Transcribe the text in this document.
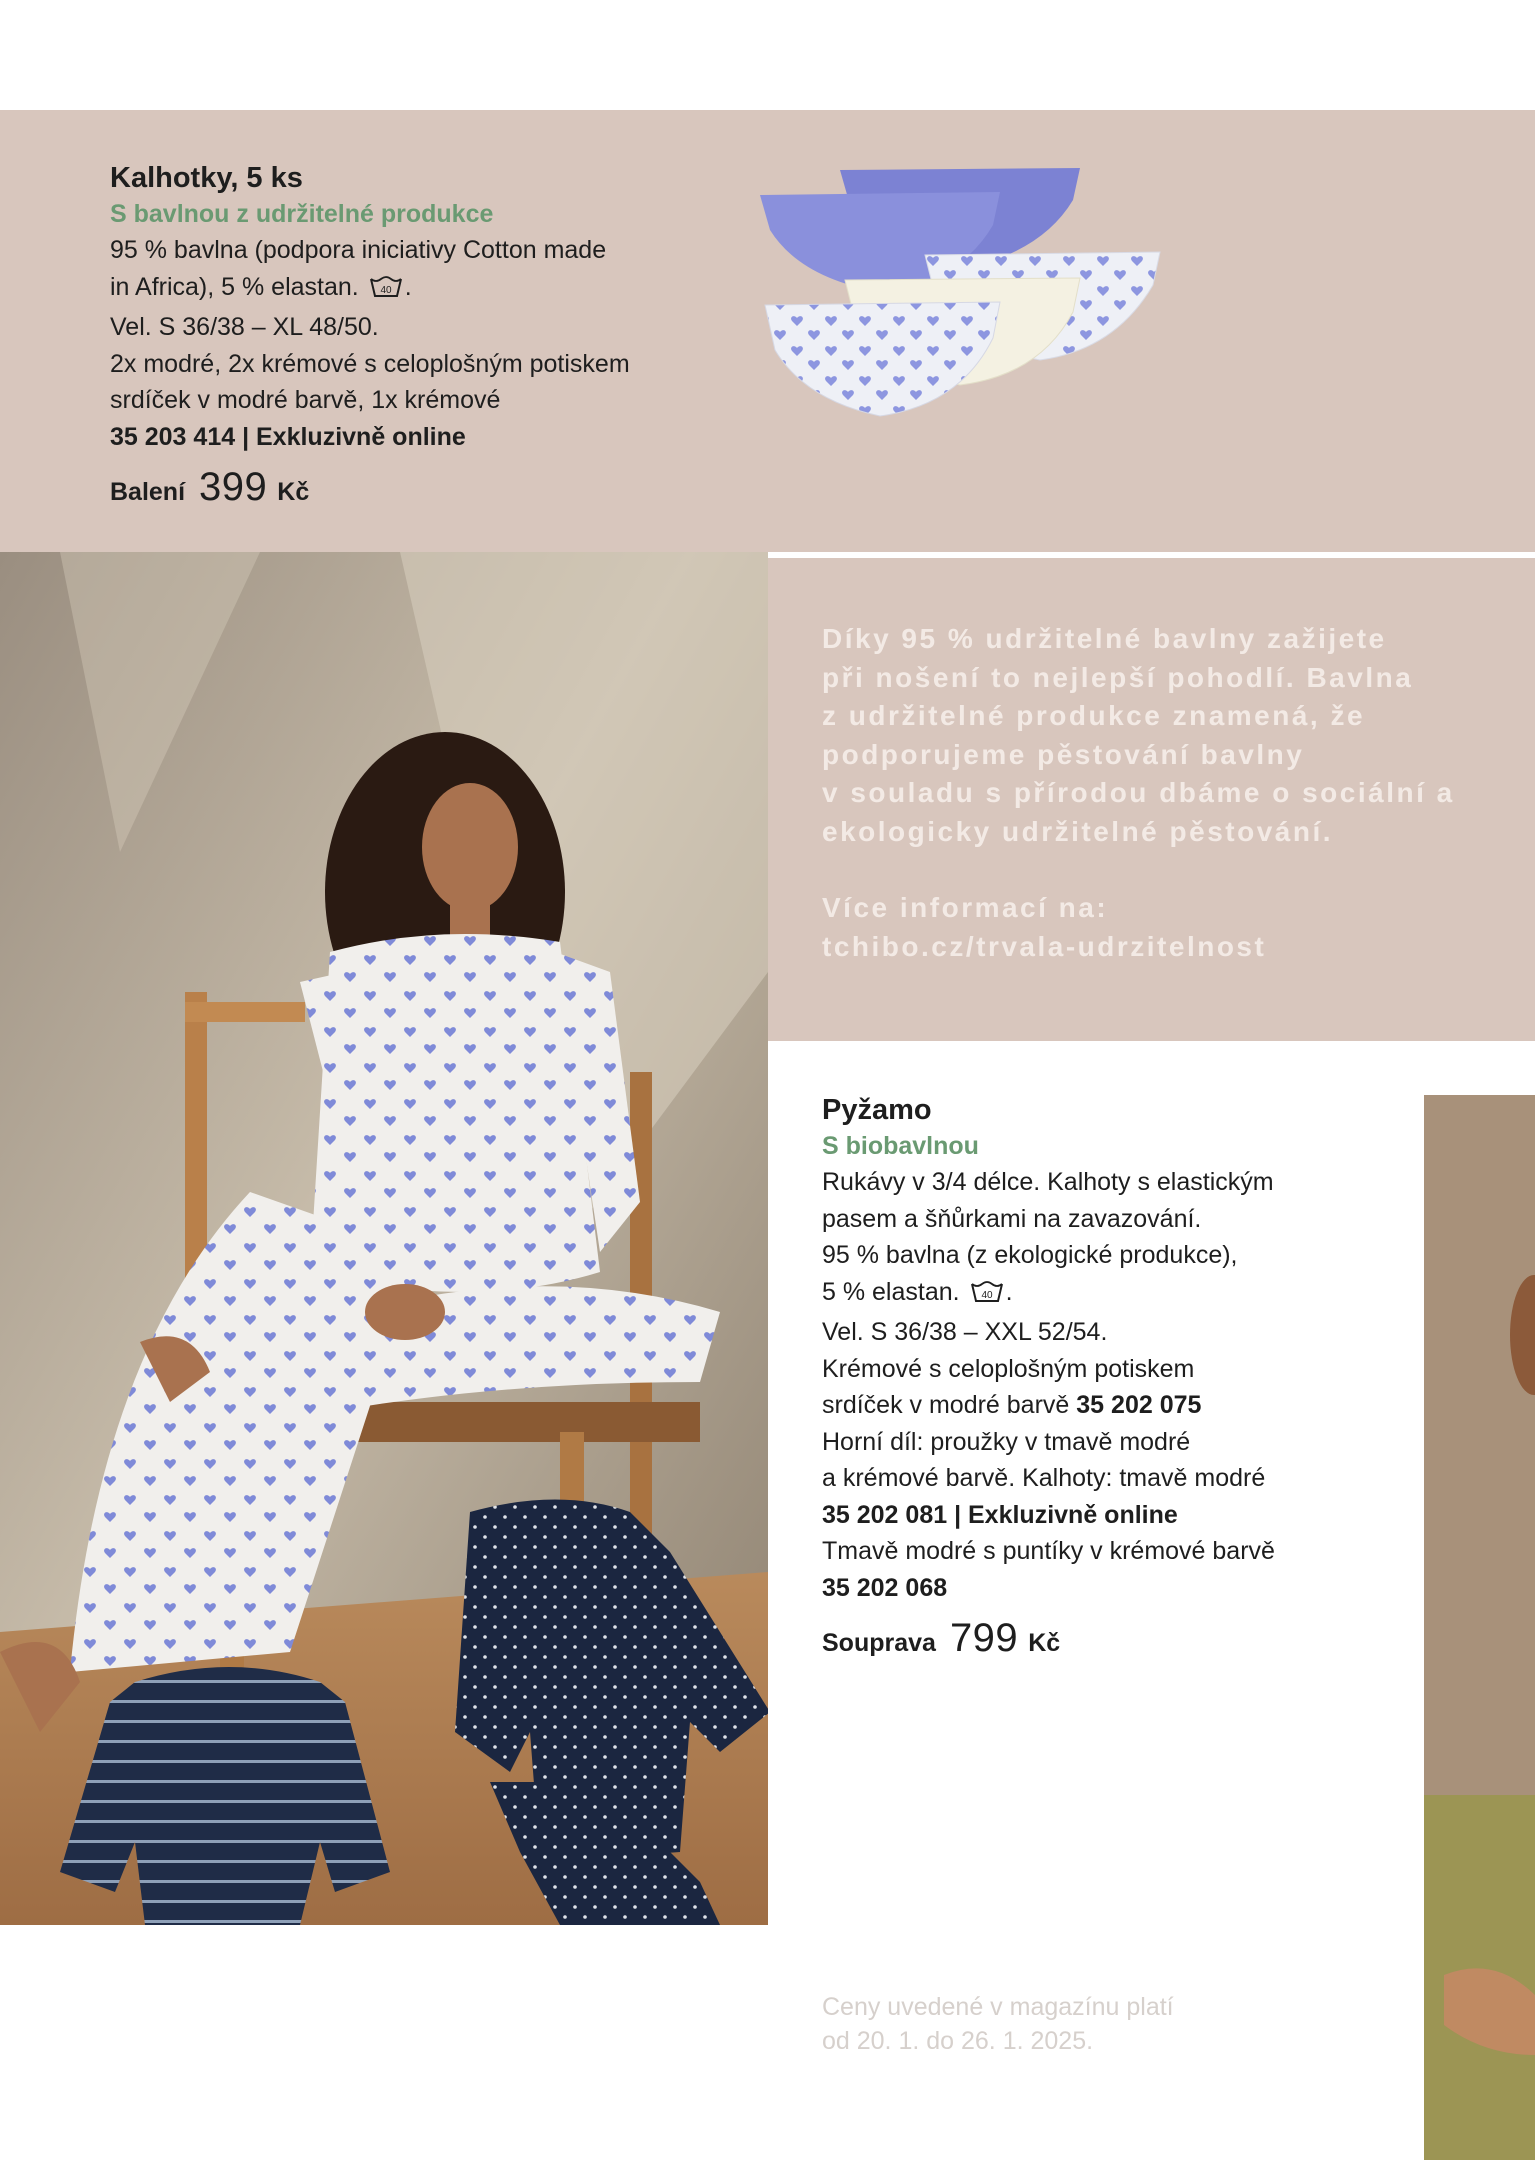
Kalhotky, 5 ks
S bavlnou z udržitelné produkce
95 % bavlna (podpora iniciativy Cotton made
in Africa), 5 % elastan. 40 .
Vel. S 36/38 – XL 48/50.
2x modré, 2x krémové s celoplošným potiskem
srdíček v modré barvě, 1x krémové
35 203 414 | Exkluzivně online
Balení 399 Kč
Díky 95 % udržitelné bavlny zažijete
při nošení to nejlepší pohodlí. Bavlna
z udržitelné produkce znamená, že
podporujeme pěstování bavlny
v souladu s přírodou dbáme o sociální a
ekologicky udržitelné pěstování.
Více informací na:
tchibo.cz/trvala-udrzitelnost
Pyžamo
S biobavlnou
Rukávy v 3/4 délce. Kalhoty s elastickým
pasem a šňůrkami na zavazování.
95 % bavlna (z ekologické produkce),
5 % elastan. 40 .
Vel. S 36/38 – XXL 52/54.
Krémové s celoplošným potiskem
srdíček v modré barvě 35 202 075
Horní díl: proužky v tmavě modré
a krémové barvě. Kalhoty: tmavě modré
35 202 081 | Exkluzivně online
Tmavě modré s puntíky v krémové barvě
35 202 068
Souprava 799 Kč
Ceny uvedené v magazínu platí
od 20. 1. do 26. 1. 2025.
